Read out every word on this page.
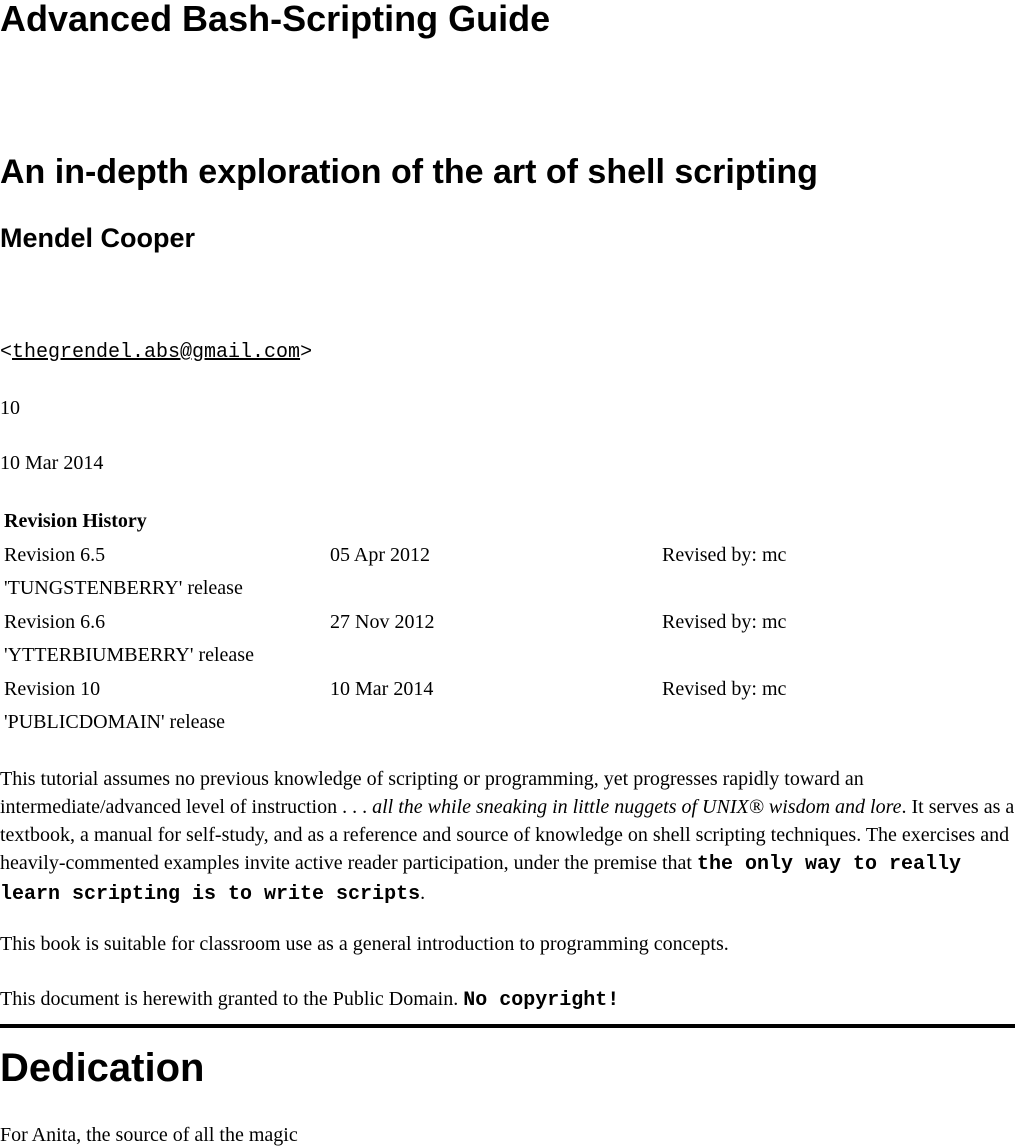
Advanced Bash-Scripting Guide
An in-depth exploration of the art of shell scripting
Mendel Cooper

<thegrendel.abs@gmail.com>

10

10 Mar 2014

Revision History		
Revision 6.5	05 Apr 2012	Revised by: mc
'TUNGSTENBERRY' release		
Revision 6.6	27 Nov 2012	Revised by: mc
'YTTERBIUMBERRY' release		
Revision 10	10 Mar 2014	Revised by: mc
'PUBLICDOMAIN' release		

This tutorial assumes no previous knowledge of scripting or programming, yet progresses rapidly toward an intermediate/advanced level of instruction . . . all the while sneaking in little nuggets of UNIX® wisdom and lore. It serves as a textbook, a manual for self-study, and as a reference and source of knowledge on shell scripting techniques. The exercises and heavily-commented examples invite active reader participation, under the premise that the only way to really learn scripting is to write scripts.

This book is suitable for classroom use as a general introduction to programming concepts.

This document is herewith granted to the Public Domain. No copyright!

Dedication

For Anita, the source of all the magic
